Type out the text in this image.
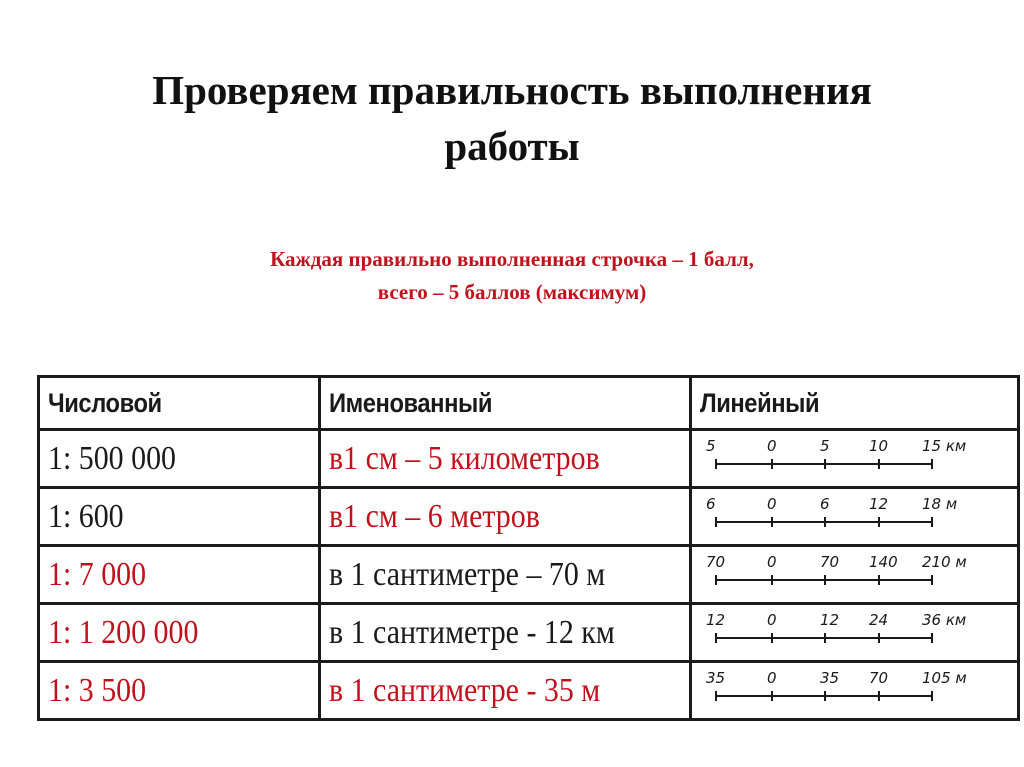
Проверяем правильность выполнения
работы
Каждая правильно выполненная строчка – 1 балл,
всего – 5 баллов (максимум)
Числовой	Именованный	Линейный
1: 500 000	в1 см – 5 километров	5 0 5 10 15 км

1: 600	в1 см – 6 метров	6 0 6 12 18 м

1: 7 000	в 1 сантиметре – 70 м	70 0 70 140 210 м

1: 1 200 000	в 1 сантиметре - 12 км	12 0 12 24 36 км

1: 3 500	в 1 сантиметре - 35 м	35 0 35 70 105 м
